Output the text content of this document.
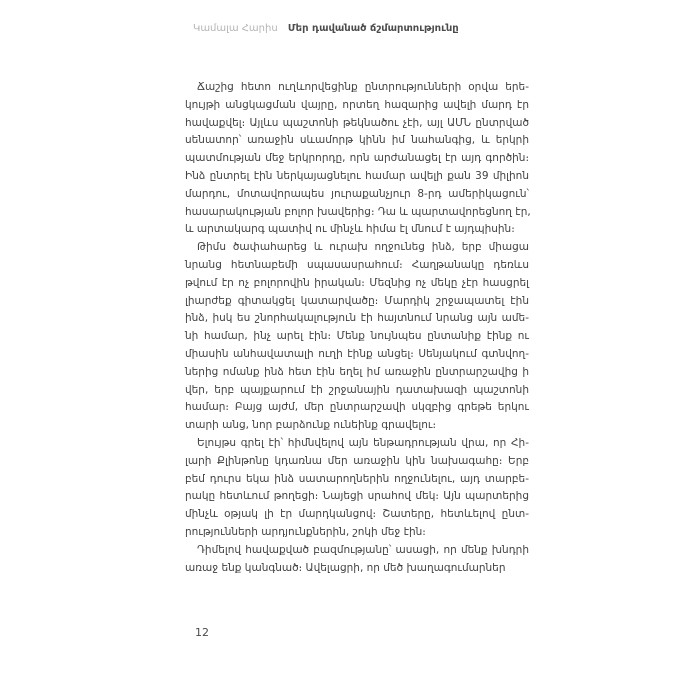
Կամալա Հարիս Մեր դավանած ճշմարտությունը
Ճաշից հետո ուղևորվեցինք ընտրությունների օրվա երե-
կույթի անցկացման վայրը, որտեղ հազարից ավելի մարդ էր
հավաքվել։ Այլևս պաշտոնի թեկնածու չէի, այլ ԱՄՆ ընտրված
սենատոր՝ առաջին սևամորթ կինն իմ նահանգից, և երկրի
պատմության մեջ երկրորդը, որն արժանացել էր այդ գործին։
Ինձ ընտրել էին ներկայացնելու համար ավելի քան 39 միլիոն
մարդու, մոտավորապես յուրաքանչյուր 8-րդ ամերիկացուն՝
հասարակության բոլոր խավերից։ Դա և պարտավորեցնող էր,
և արտակարգ պատիվ ու մինչև հիմա էլ մնում է այդպիսին։
Թիմս ծափահարեց և ուրախ ողջունեց ինձ, երբ միացա
նրանց հետնաբեմի սպասասրահում։ Հաղթանակը դեռևս
թվում էր ոչ բոլորովին իրական։ Մեզնից ոչ մեկը չէր հասցրել
լիարժեք գիտակցել կատարվածը։ Մարդիկ շրջապատել էին
ինձ, իսկ ես շնորհակալություն էի հայտնում նրանց այն ամե-
նի համար, ինչ արել էին։ Մենք նույնպես ընտանիք էինք ու
միասին անհավատալի ուղի էինք անցել։ Սենյակում գտնվող-
ներից ոմանք ինձ հետ էին եղել իմ առաջին ընտրարշավից ի
վեր, երբ պայքարում էի շրջանային դատախազի պաշտոնի
համար։ Բայց այժմ, մեր ընտրարշավի սկզբից գրեթե երկու
տարի անց, նոր բարձունք ունեինք գրավելու։
Ելույթս գրել էի՝ հիմնվելով այն ենթադրության վրա, որ Հի-
լարի Քլինթոնը կդառնա մեր առաջին կին նախագահը։ Երբ
բեմ դուրս եկա ինձ սատարողներին ողջունելու, այդ տարբե-
րակը հետևում թողեցի։ Նայեցի սրահով մեկ։ Այն պարտերից
մինչև օթյակ լի էր մարդկանցով։ Շատերը, հետևելով ընտ-
րությունների արդյունքներին, շոկի մեջ էին։
Դիմելով հավաքված բազմությանը՝ ասացի, որ մենք խնդրի
առաջ ենք կանգնած։ Ավելացրի, որ մեծ խաղագումարներ
12
